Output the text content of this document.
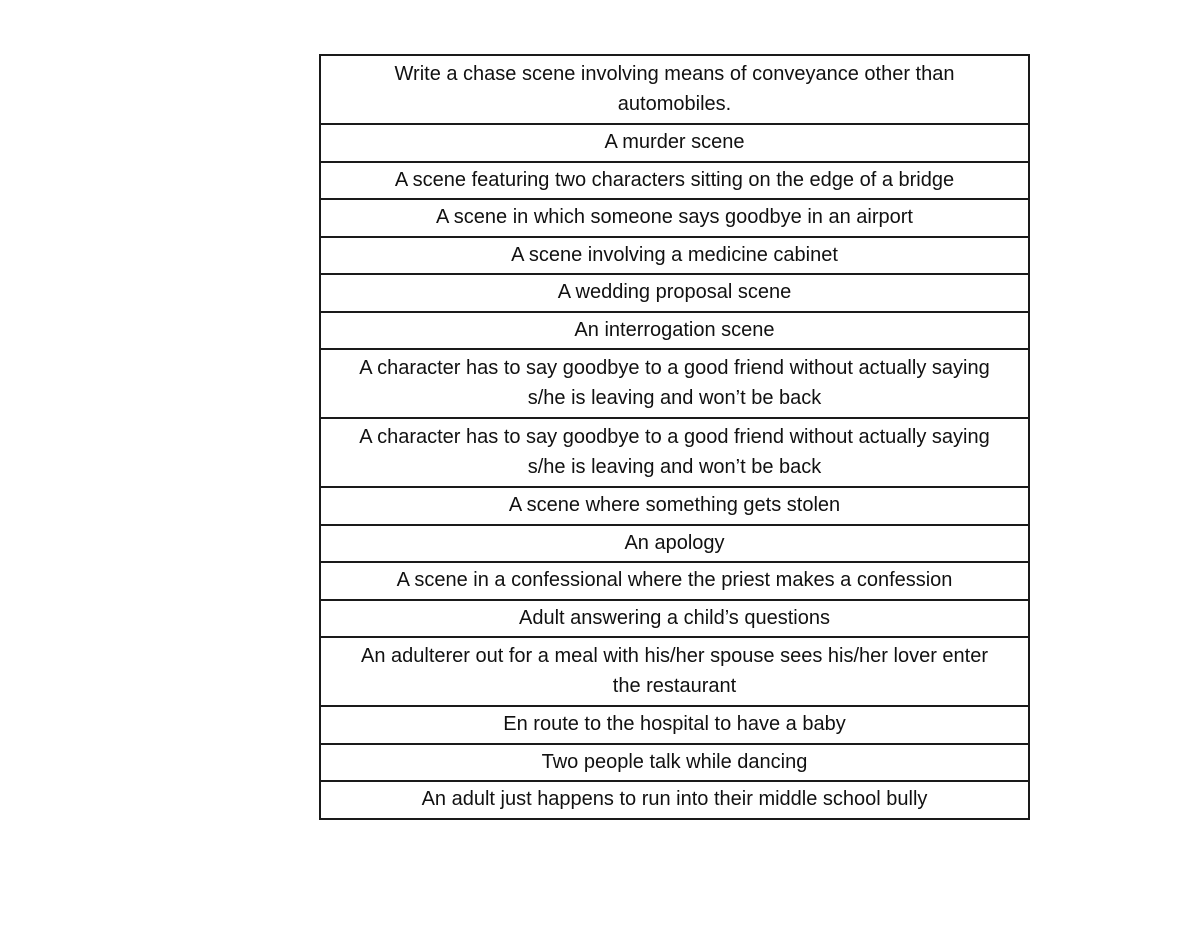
Write a chase scene involving means of conveyance other than automobiles.
A murder scene
A scene featuring two characters sitting on the edge of a bridge
A scene in which someone says goodbye in an airport
A scene involving a medicine cabinet
A wedding proposal scene
An interrogation scene
A character has to say goodbye to a good friend without actually saying s/he is leaving and won’t be back
A character has to say goodbye to a good friend without actually saying s/he is leaving and won’t be back
A scene where something gets stolen
An apology
A scene in a confessional where the priest makes a confession
Adult answering a child’s questions
An adulterer out for a meal with his/her spouse sees his/her lover enter the restaurant
En route to the hospital to have a baby
Two people talk while dancing
An adult just happens to run into their middle school bully
